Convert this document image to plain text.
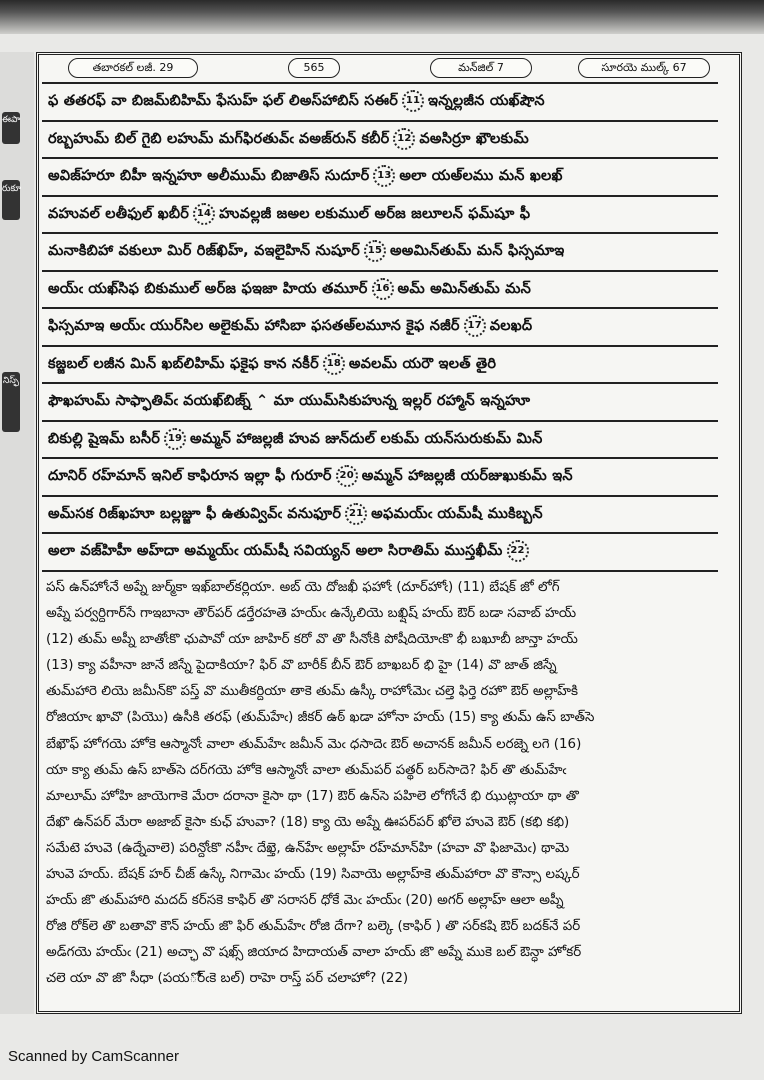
ఈపా
రుకూ
నిస్ఫ్
తబారకల్ లజీ. 29	565	మన్‌జిల్ 7	సూరయె ముల్క్ 67
ఫ తతరఫ్ వా బిజమ్‌బిహిమ్ ఫేసుహ్ ఫల్ లిఅస్‌హాబిస్ సఈర్ 11 ఇన్నల్లజీన యఖ్‌షౌన
రబ్బహుమ్ బిల్ గైబి లహుమ్ మగ్‌ఫిరతువ్‌ఁ వఅజ్‌రున్ కబీర్ 12 వఅసిర్రూ ఖౌలకుమ్
అవిజ్‌హరూ బిహీ ఇన్నహూ అలీముమ్ బిజాతిస్ సుదూర్ 13 అలా యఅ్‌లము మన్ ఖలఖ్
వహువల్ లతీఫుల్ ఖబీర్ 14 హువల్లజీ జఅల లకుముల్ అర్‌జ జలూలన్ ఫమ్‌షూ ఫీ
మనాకిబిహా వకులూ మిర్ రిజ్‌ఖిహ్, వఇలైహిన్ నుషూర్ 15 అఅమిన్‌తుమ్ మన్ ఫిస్సమాఇ
అయ్‌ఁ యఖ్‌సిఫ బికుముల్ అర్‌జ ఫఇజా హియ తమూర్ 16 అమ్ అమిన్‌తుమ్ మన్
ఫిస్సమాఇ అయ్‌ఁ యుర్‌సిల అలైకుమ్ హాసిబా ఫసతఅ్‌లమూన కైఫ నజీర్ 17 వలఖద్
కజ్జబల్ లజీన మిన్ ఖబ్‌లిహిమ్ ఫకైఫ కాన నకీర్ 18 అవలమ్ యరౌ ఇలత్ తైరి
ఫౌఖహుమ్ సాఫ్ఫాతివ్‌ఁ వయఖ్‌బిజ్న్ ⌃ మా యుమ్‌సికుహున్న ఇల్లర్ రహ్మాన్ ఇన్నహూ
బికుల్లి షైఇమ్ బసీర్ 19 అమ్మన్ హాజల్లజీ హువ జున్‌దుల్ లకుమ్ యన్‌సురుకుమ్ మిన్
దూనిర్ రహ్‌మాన్ ఇనిల్ కాఫిరూన ఇల్లా ఫీ గురూర్ 20 అమ్మన్ హాజల్లజీ యర్‌జుఖుకుమ్ ఇన్
అమ్‌సక రిజ్‌ఖహూ బల్లజ్జూ ఫీ ఉతువ్వివ్‌ఁ వనుఫూర్ 21 అఫమయ్‌ఁ యమ్‌షీ ముకిబ్బన్
అలా వజ్‌హిహీ అహ్‌దా అమ్మయ్‌ఁ యమ్‌షీ సవియ్యన్ అలా సిరాతిమ్ ముస్తఖీమ్ 22
పస్ ఉన్‌హోఁనే అప్నే జుర్మ్‌కా ఇఖ్‌బాల్‌కర్లియా. అబ్ యె దోజఖీ ఫహోఁ (దూర్‌హోఁ) (11) బేషక్ జో లోగ్
అప్నే పర్వర్దిగార్‌సే గాఇబానా తౌర్‌పర్ డర్తేరహతె హయ్‌ఁ ఉన్కేలియె బఖ్షిష్ హయ్ ఔర్ బడా సవాబ్ హయ్
(12) తుమ్ అప్నీ బాతోఁకొ ఛుపావో యా జాహిర్ కరో వొ తొ సీనోఁకి పోషీదియోఁకొ భీ బఖూబీ జాన్తా హయ్
(13) క్యా వహీనా జానే జిస్నే పైదాకియా? ఫిర్ వొ బారీక్ బీన్ ఔర్ బాఖబర్ భి హై (14) వొ జాత్ జిస్నే
తుమ్‌హారె లియె జమీన్‌కొ పస్త్ వొ ముతీకర్దియా తాకె తుమ్ ఉస్కీ రాహోఁమెఁ చల్తె ఫిర్తె రహొ ఔర్ అల్లాహ్‌కి
రోజియాఁ ఖావొ (పియొ) ఉసీకి తరఫ్ (తుమ్‌హేఁ) జీకర్ ఉఠ్ ఖడా హోనా హయ్ (15) క్యా తుమ్ ఉస్ బాత్‌సె
బేఖౌఫ్ హోగయె హోకె ఆస్మానోఁ వాలా తుమ్‌హేఁ జమీన్ మెఁ ధసాదెఁ ఔర్ అచానక్ జమీన్ లరజ్నె లగె (16)
యా క్యా తుమ్ ఉస్ బాత్‌సె దర్‌గయె హోకె ఆస్మానోఁ వాలా తుమ్‌పర్ పత్థర్ బర్‌సాదె? ఫిర్ తొ తుమ్‌హేఁ
మాలూమ్ హోహి జాయెగాకె మేరా దరానా కైసా థా (17) ఔర్ ఉన్‌సె పహిలె లోగోఁనే భి ఝుట్లాయా థా తొ
దేఖొ ఉన్‌పర్ మేరా అజాబ్ కైసా కుఛ్ హువా? (18) క్యా యె అప్నే ఊపర్‌పర్ ఖోలె హువె ఔర్ (కభి కభి)
సమేటె హువె (ఉద్నేవాలె) పరిన్దోఁకొ నహీఁ దేఖ్తె, ఉన్‌హేఁ అల్లాహ్ రహ్‌మాన్‌హి (హవా వొ ఫిజామెఁ) థామె
హువె హయ్. బేషక్ హర్ చీజ్ ఉస్కే నిగామెఁ హయ్ (19) సివాయె అల్లాహ్‌కె తుమ్‌హారా వొ కౌన్సా లష్కర్
హయ్ జొ తుమ్‌హారి మదద్ కర్‌సకె కాఫిర్ తొ సరాసర్ ధోకే మెఁ హయ్‌ఁ (20) అగర్ అల్లాహ్ ఆలా అప్నీ
రోజి రోక్‌లె తొ బతావొ కౌన్ హయ్ జొ ఫిర్ తుమ్‌హేఁ రోజి దేగా? బల్కె (కాఫిర్ ) తొ సర్‌కషి ఔర్ బదక్‌నే పర్
అడ్‌గయె హయ్‌ఁ (21) అచ్ఛా వొ షఖ్స్ జియాద హిదాయత్ వాలా హయ్ జొ అప్నే ముకె బల్ ఔన్ధా హోకర్
చలె యా వొ జొ సీధా (పయర్‌ోఁకె బల్) రాహె రాస్త్ పర్ చలాహో? (22)
Scanned by CamScanner
